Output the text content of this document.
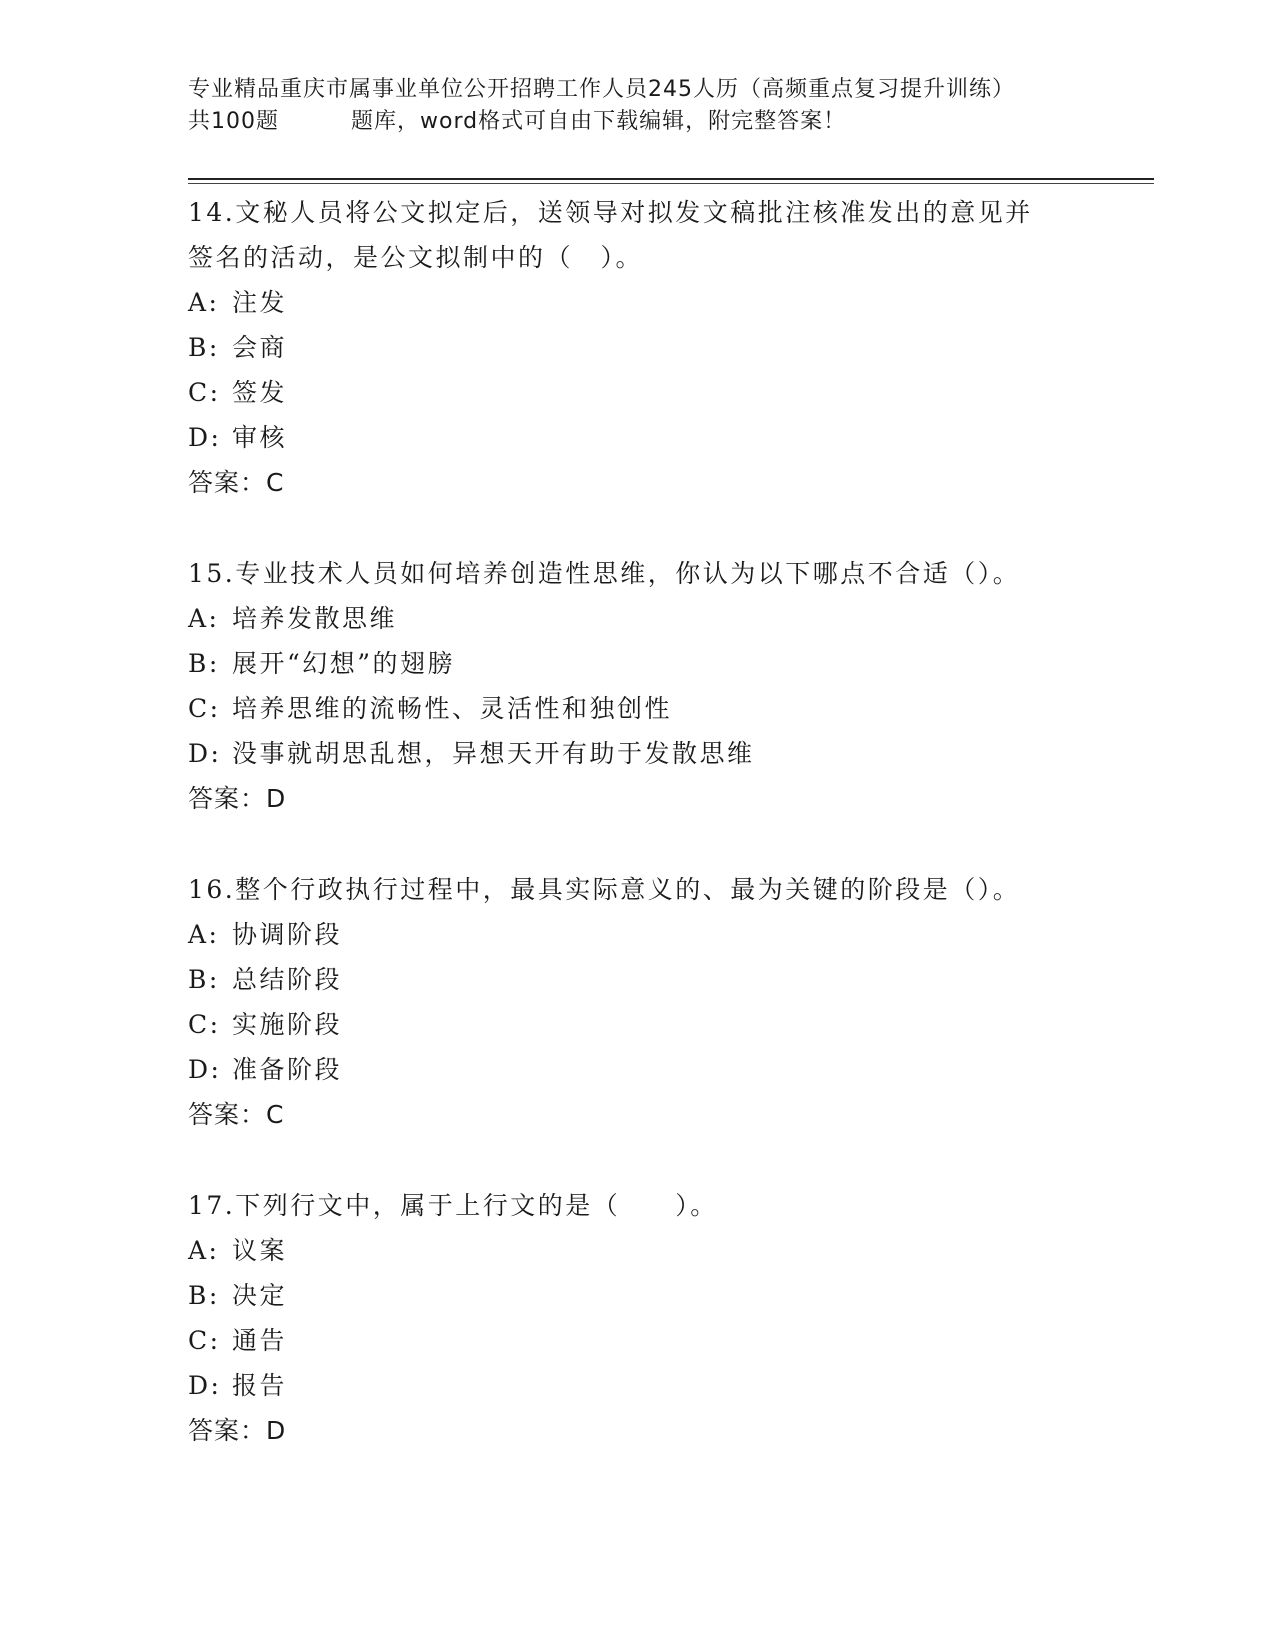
专业精品重庆市属事业单位公开招聘工作人员245人历（高频重点复习提升训练）
共100题	题库，word格式可自由下载编辑，附完整答案！
14.文秘人员将公文拟定后，送领导对拟发文稿批注核准发出的意见并
签名的活动，是公文拟制中的（　）。
A: 注发
B: 会商
C: 签发
D: 审核
答案：C
15.专业技术人员如何培养创造性思维，你认为以下哪点不合适（）。
A: 培养发散思维
B: 展开“幻想”的翅膀
C: 培养思维的流畅性、灵活性和独创性
D: 没事就胡思乱想，异想天开有助于发散思维
答案：D
16.整个行政执行过程中，最具实际意义的、最为关键的阶段是（）。
A: 协调阶段
B: 总结阶段
C: 实施阶段
D: 准备阶段
答案：C
17.下列行文中，属于上行文的是（　　）。
A: 议案
B: 决定
C: 通告
D: 报告
答案：D
